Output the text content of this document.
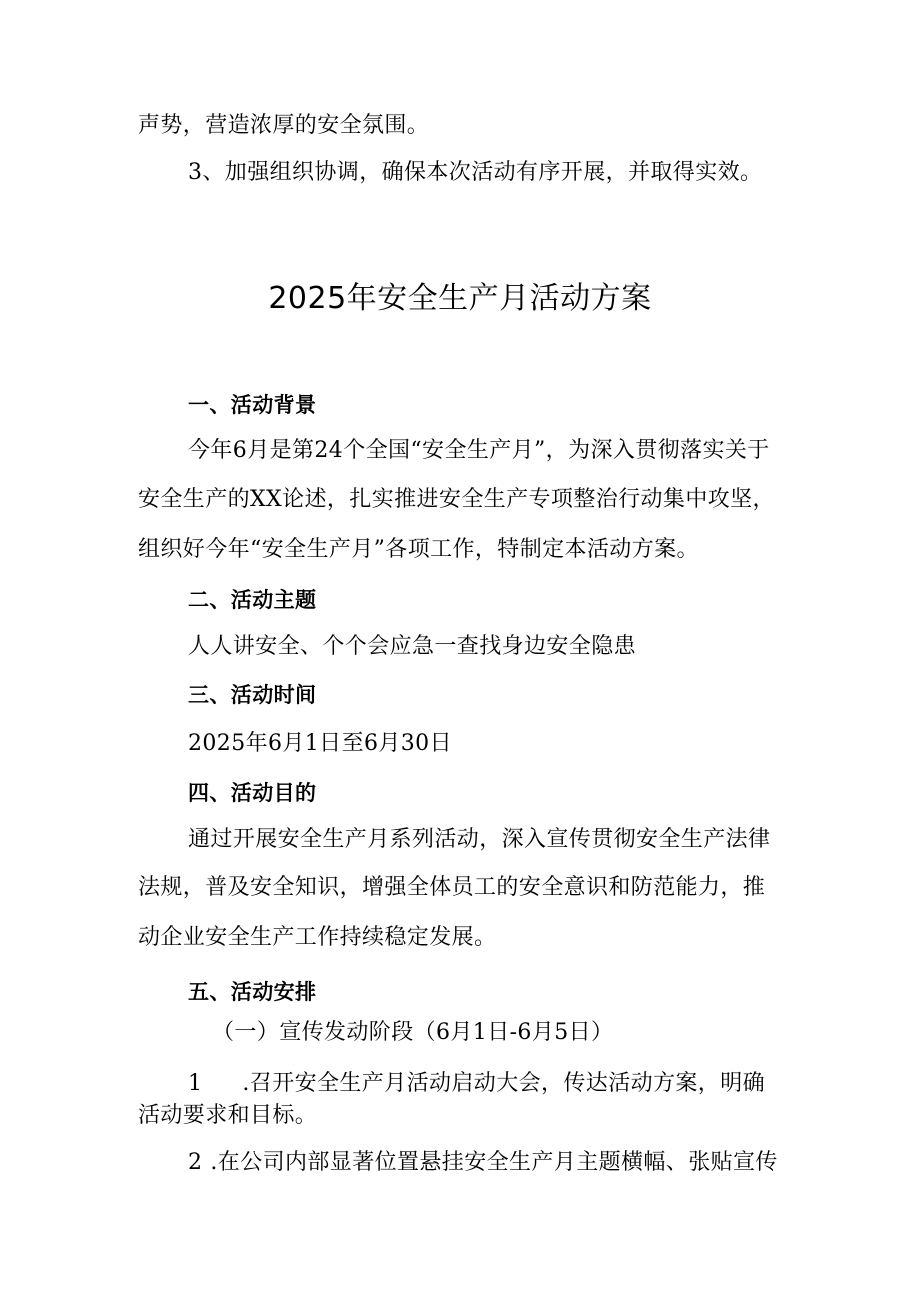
声势，营造浓厚的安全氛围。
3、加强组织协调，确保本次活动有序开展，并取得实效。
2025年安全生产月活动方案
一、活动背景
今年6月是第24个全国“安全生产月”，为深入贯彻落实关于
安全生产的XX论述，扎实推进安全生产专项整治行动集中攻坚，
组织好今年“安全生产月”各项工作，特制定本活动方案。
二、活动主题
人人讲安全、个个会应急一查找身边安全隐患
三、活动时间
2025年6月1日至6月30日
四、活动目的
通过开展安全生产月系列活动，深入宣传贯彻安全生产法律
法规，普及安全知识，增强全体员工的安全意识和防范能力，推
动企业安全生产工作持续稳定发展。
五、活动安排
（一）宣传发动阶段（6月1日-6月5日）
1 .召开安全生产月活动启动大会，传达活动方案，明确
活动要求和目标。
2 .在公司内部显著位置悬挂安全生产月主题横幅、张贴宣传
